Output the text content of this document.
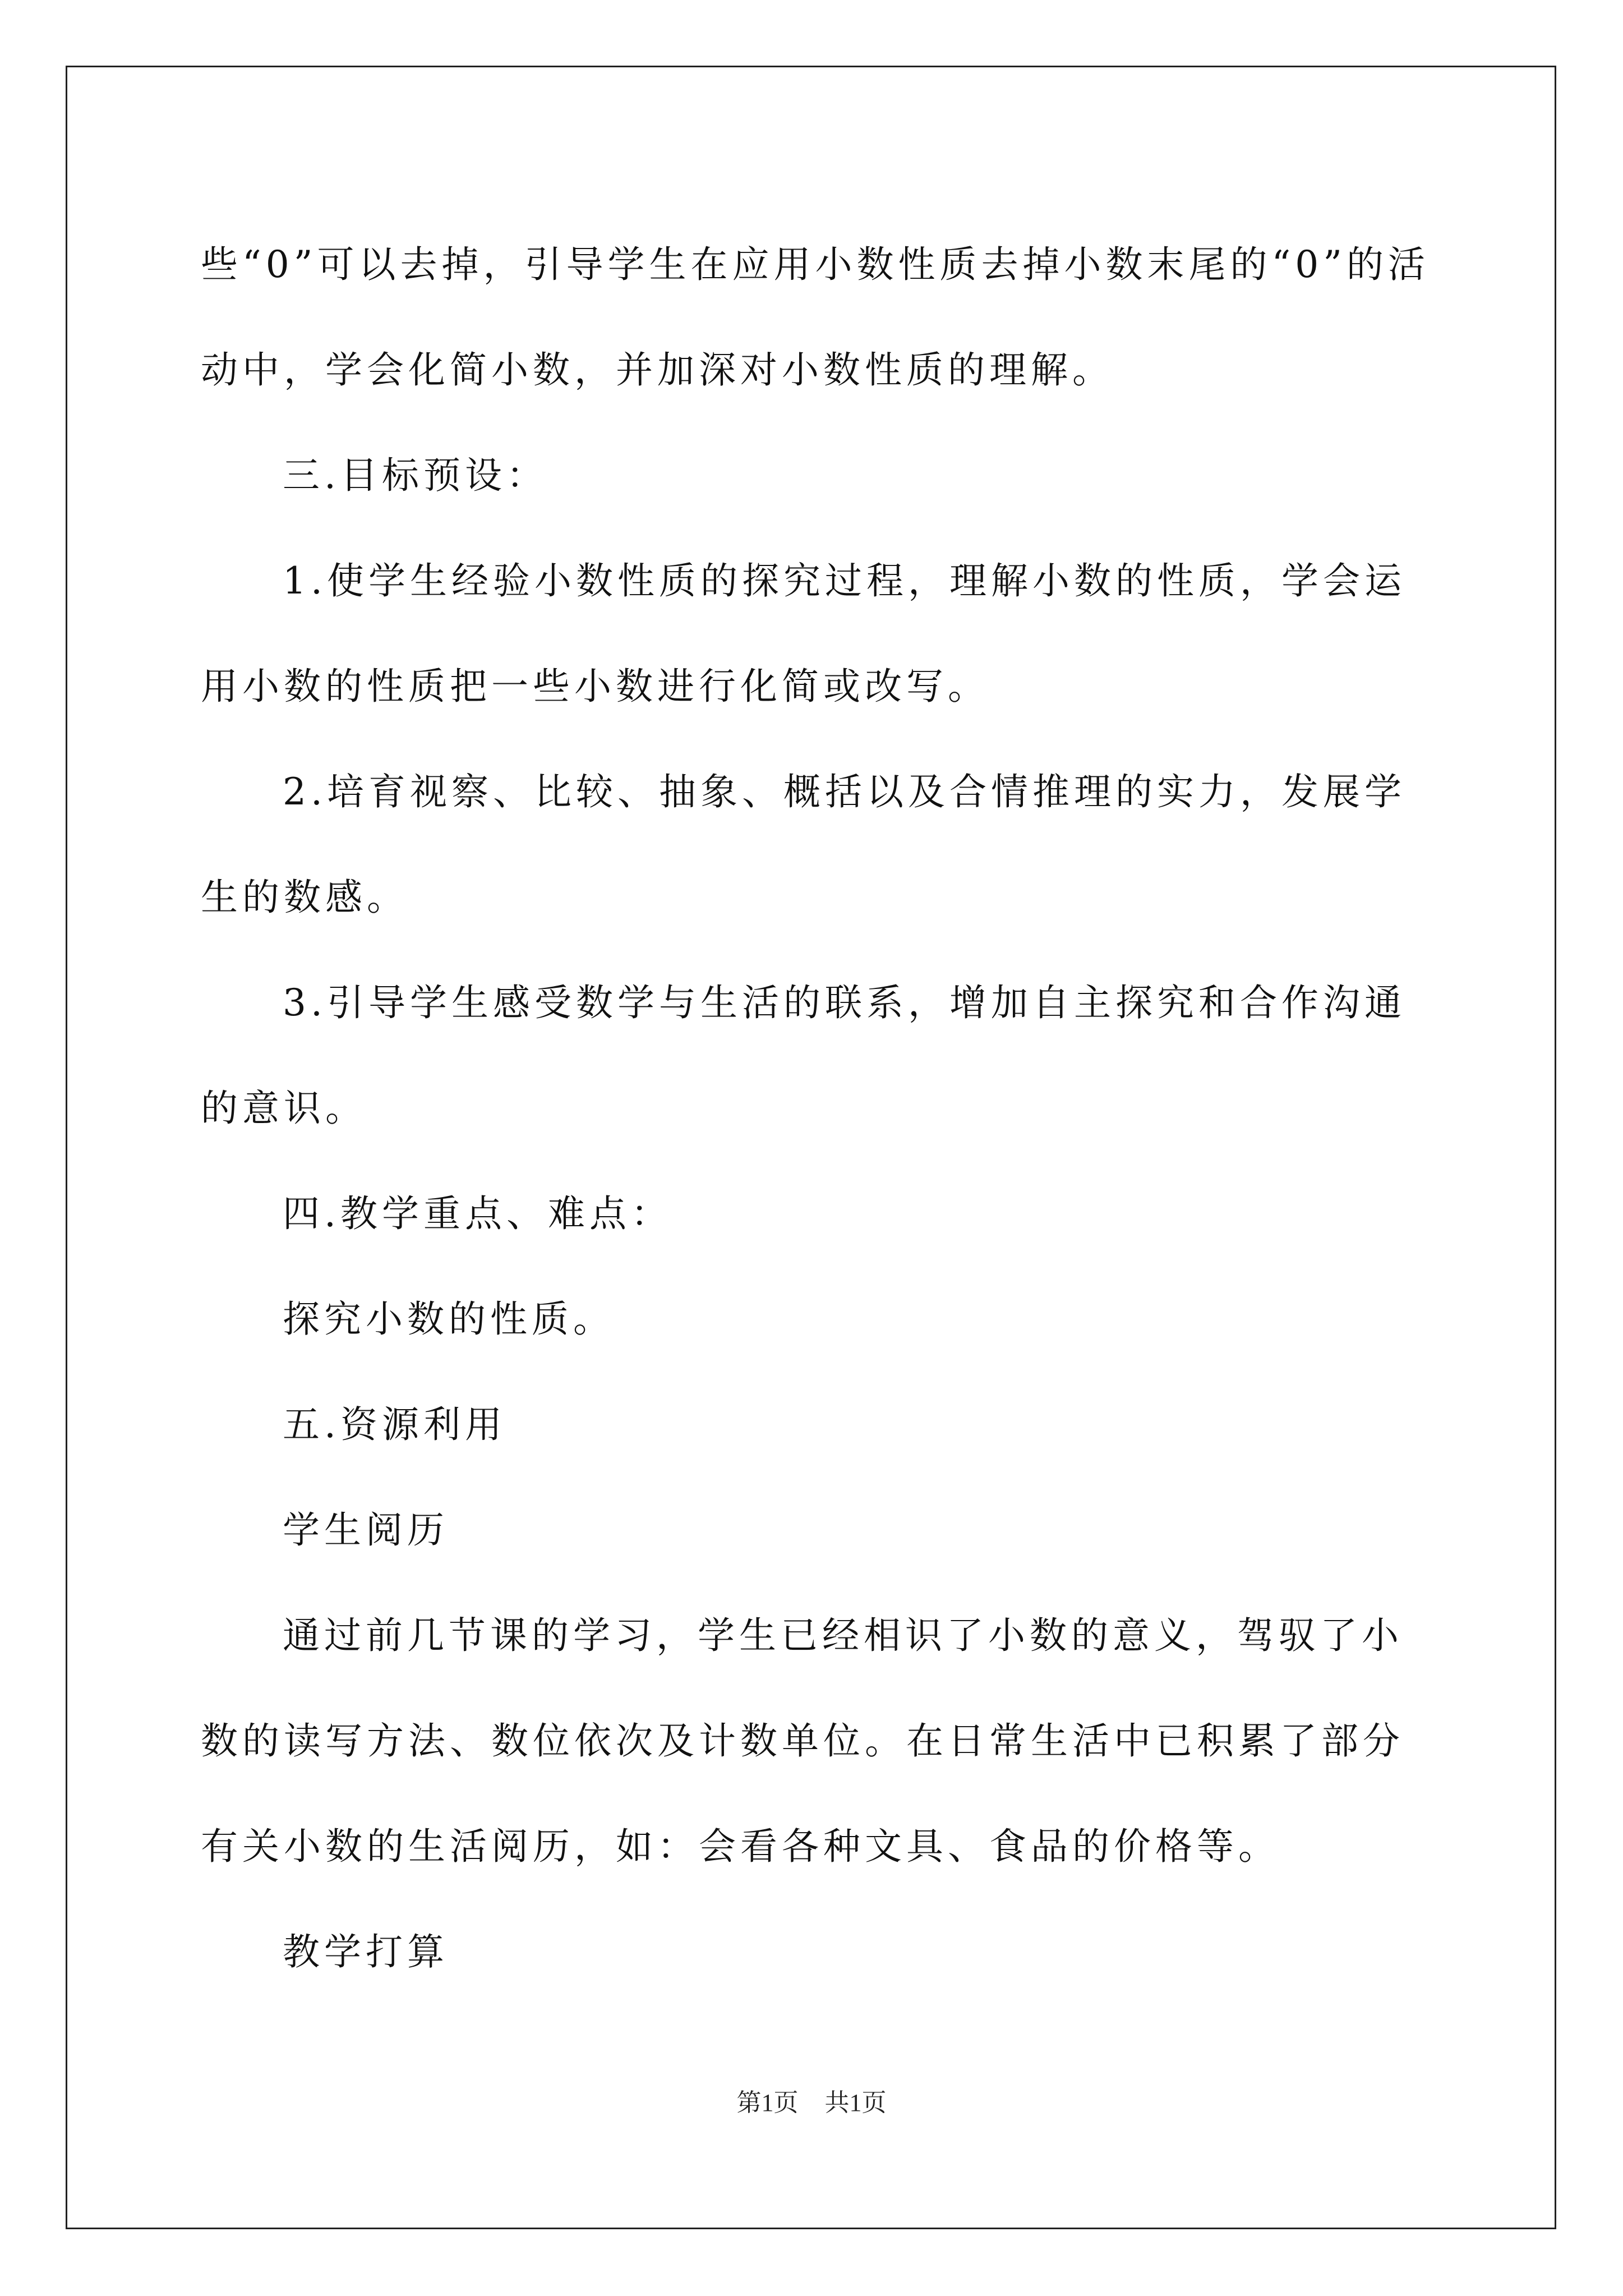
些“0”可以去掉，引导学生在应用小数性质去掉小数末尾的“0”的活动中，学会化简小数，并加深对小数性质的理解。

三.目标预设：

1.使学生经验小数性质的探究过程，理解小数的性质，学会运用小数的性质把一些小数进行化简或改写。

2.培育视察、比较、抽象、概括以及合情推理的实力，发展学生的数感。

3.引导学生感受数学与生活的联系，增加自主探究和合作沟通的意识。

四.教学重点、难点：

探究小数的性质。

五.资源利用

学生阅历

通过前几节课的学习，学生已经相识了小数的意义，驾驭了小数的读写方法、数位依次及计数单位。在日常生活中已积累了部分有关小数的生活阅历，如：会看各种文具、食品的价格等。

教学打算

第1页 共1页
